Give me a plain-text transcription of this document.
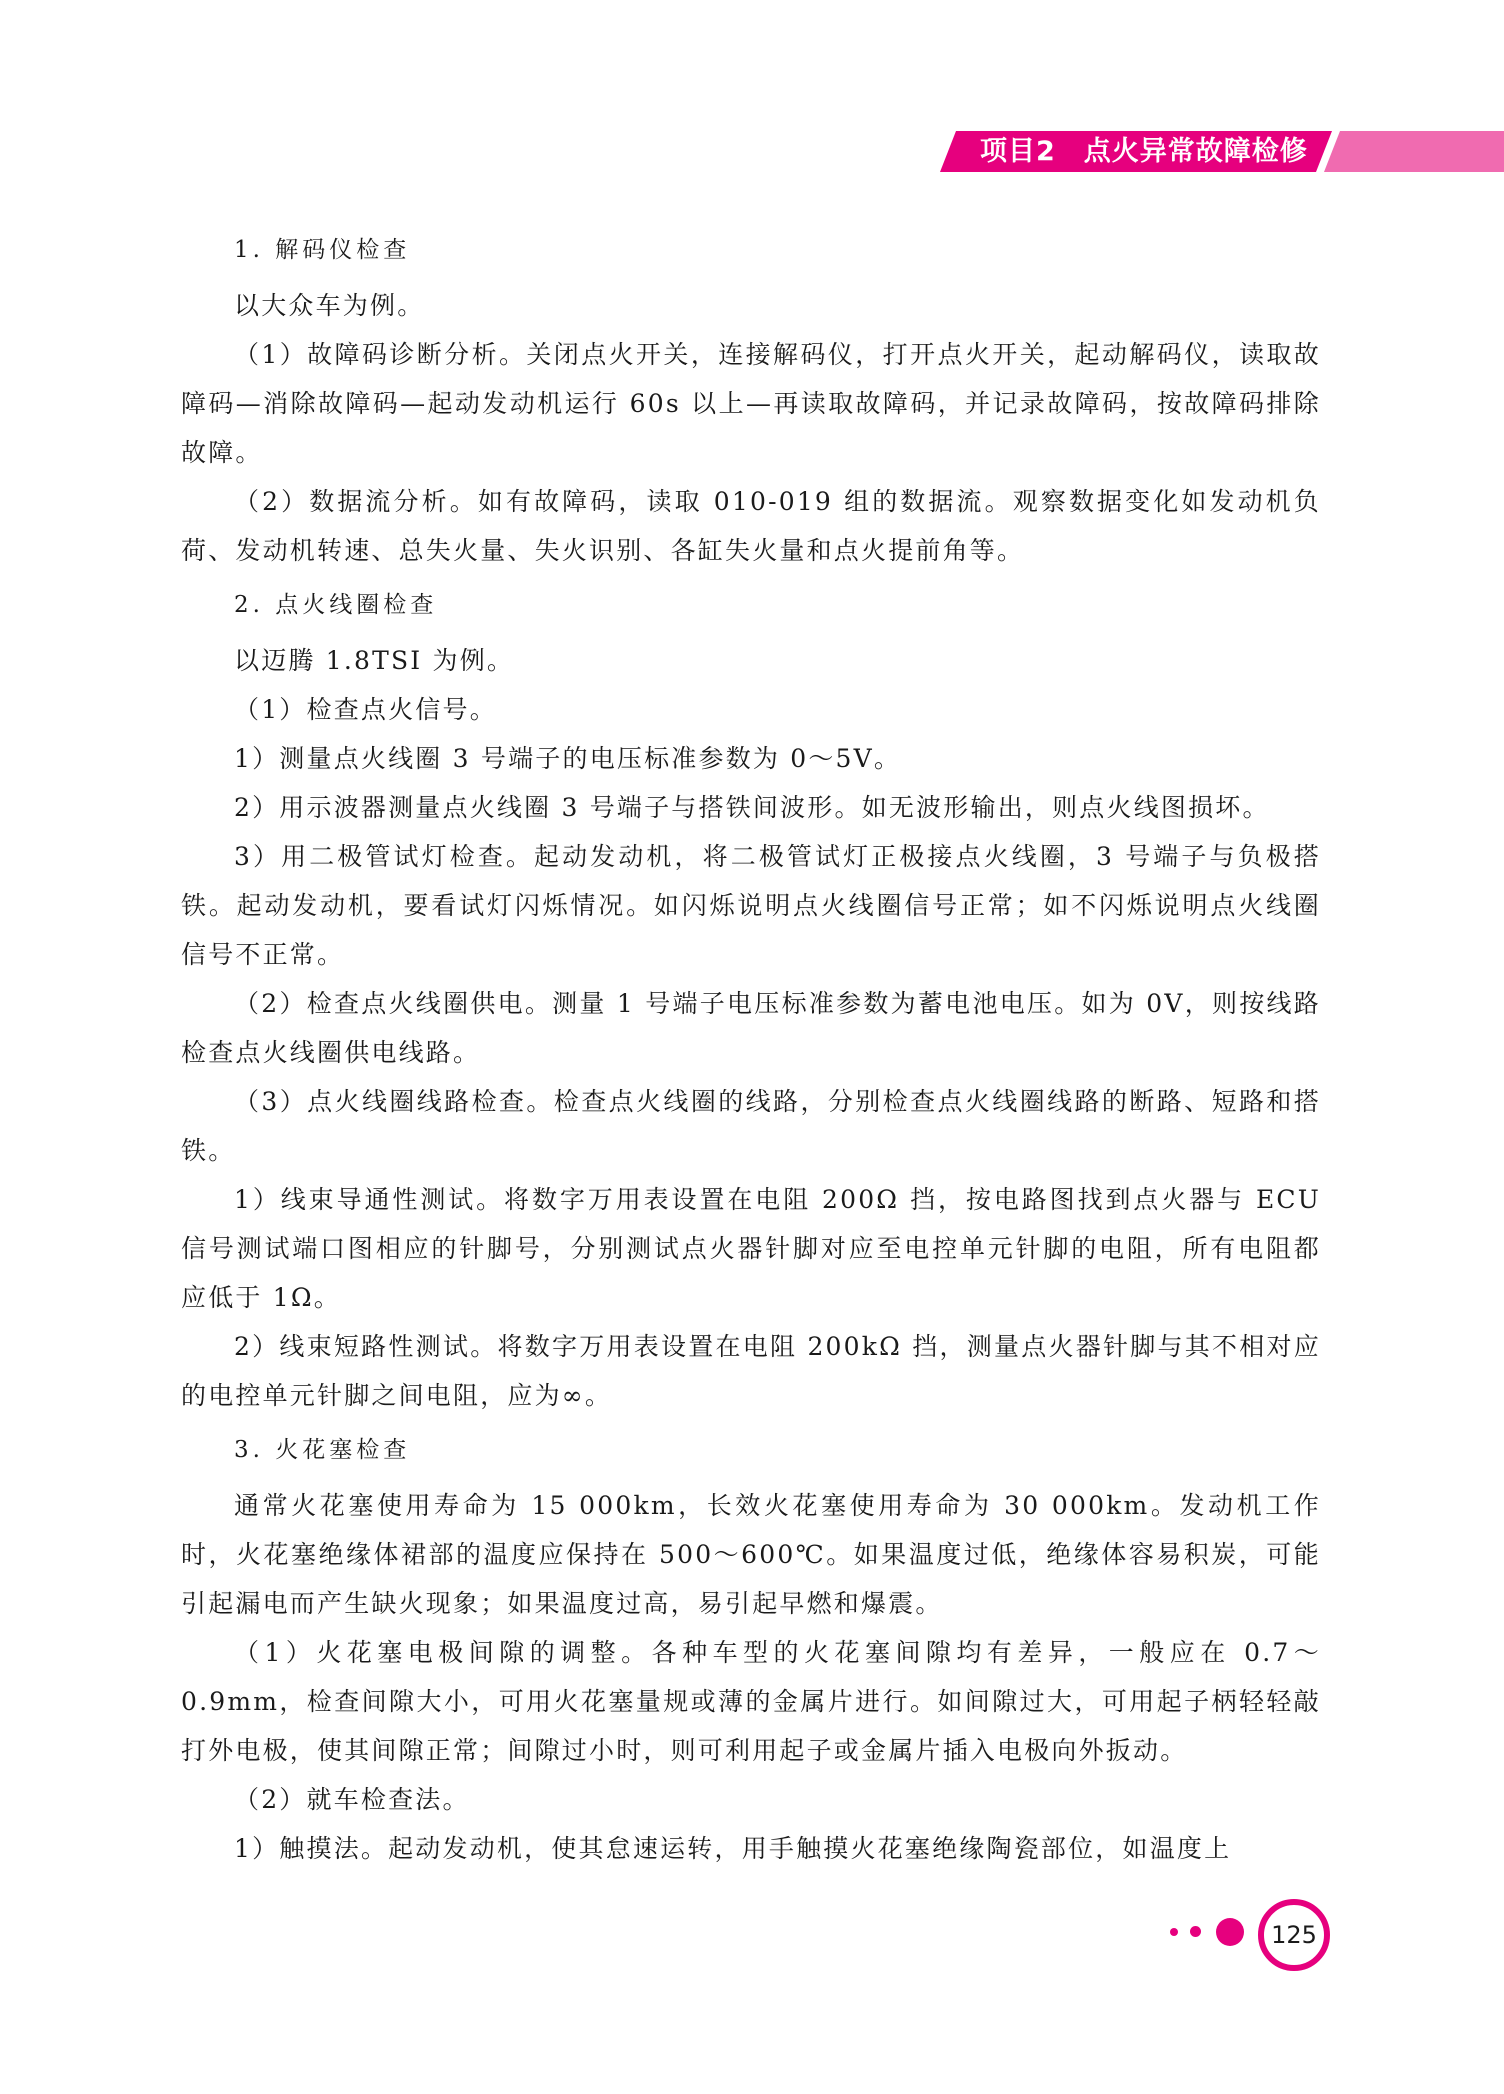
项目2 点火异常故障检修

1. 解码仪检查

以大众车为例。

（1）故障码诊断分析。关闭点火开关，连接解码仪，打开点火开关，起动解码仪，读取故障码—消除故障码—起动发动机运行 60s 以上—再读取故障码，并记录故障码，按故障码排除故障。

（2）数据流分析。如有故障码，读取 010-019 组的数据流。观察数据变化如发动机负荷、发动机转速、总失火量、失火识别、各缸失火量和点火提前角等。

2. 点火线圈检查

以迈腾 1.8TSI 为例。

（1）检查点火信号。

1）测量点火线圈 3 号端子的电压标准参数为 0～5V。

2）用示波器测量点火线圈 3 号端子与搭铁间波形。如无波形输出，则点火线图损坏。

3）用二极管试灯检查。起动发动机，将二极管试灯正极接点火线圈，3 号端子与负极搭铁。起动发动机，要看试灯闪烁情况。如闪烁说明点火线圈信号正常；如不闪烁说明点火线圈信号不正常。

（2）检查点火线圈供电。测量 1 号端子电压标准参数为蓄电池电压。如为 0V，则按线路检查点火线圈供电线路。

（3）点火线圈线路检查。检查点火线圈的线路，分别检查点火线圈线路的断路、短路和搭铁。

1）线束导通性测试。将数字万用表设置在电阻 200Ω 挡，按电路图找到点火器与 ECU 信号测试端口图相应的针脚号，分别测试点火器针脚对应至电控单元针脚的电阻，所有电阻都应低于 1Ω。

2）线束短路性测试。将数字万用表设置在电阻 200kΩ 挡，测量点火器针脚与其不相对应的电控单元针脚之间电阻，应为∞。

3. 火花塞检查

通常火花塞使用寿命为 15 000km，长效火花塞使用寿命为 30 000km。发动机工作时，火花塞绝缘体裙部的温度应保持在 500～600℃。如果温度过低，绝缘体容易积炭，可能引起漏电而产生缺火现象；如果温度过高，易引起早燃和爆震。

（1）火花塞电极间隙的调整。各种车型的火花塞间隙均有差异，一般应在 0.7～0.9mm，检查间隙大小，可用火花塞量规或薄的金属片进行。如间隙过大，可用起子柄轻轻敲打外电极，使其间隙正常；间隙过小时，则可利用起子或金属片插入电极向外扳动。

（2）就车检查法。

1）触摸法。起动发动机，使其怠速运转，用手触摸火花塞绝缘陶瓷部位，如温度上

125
